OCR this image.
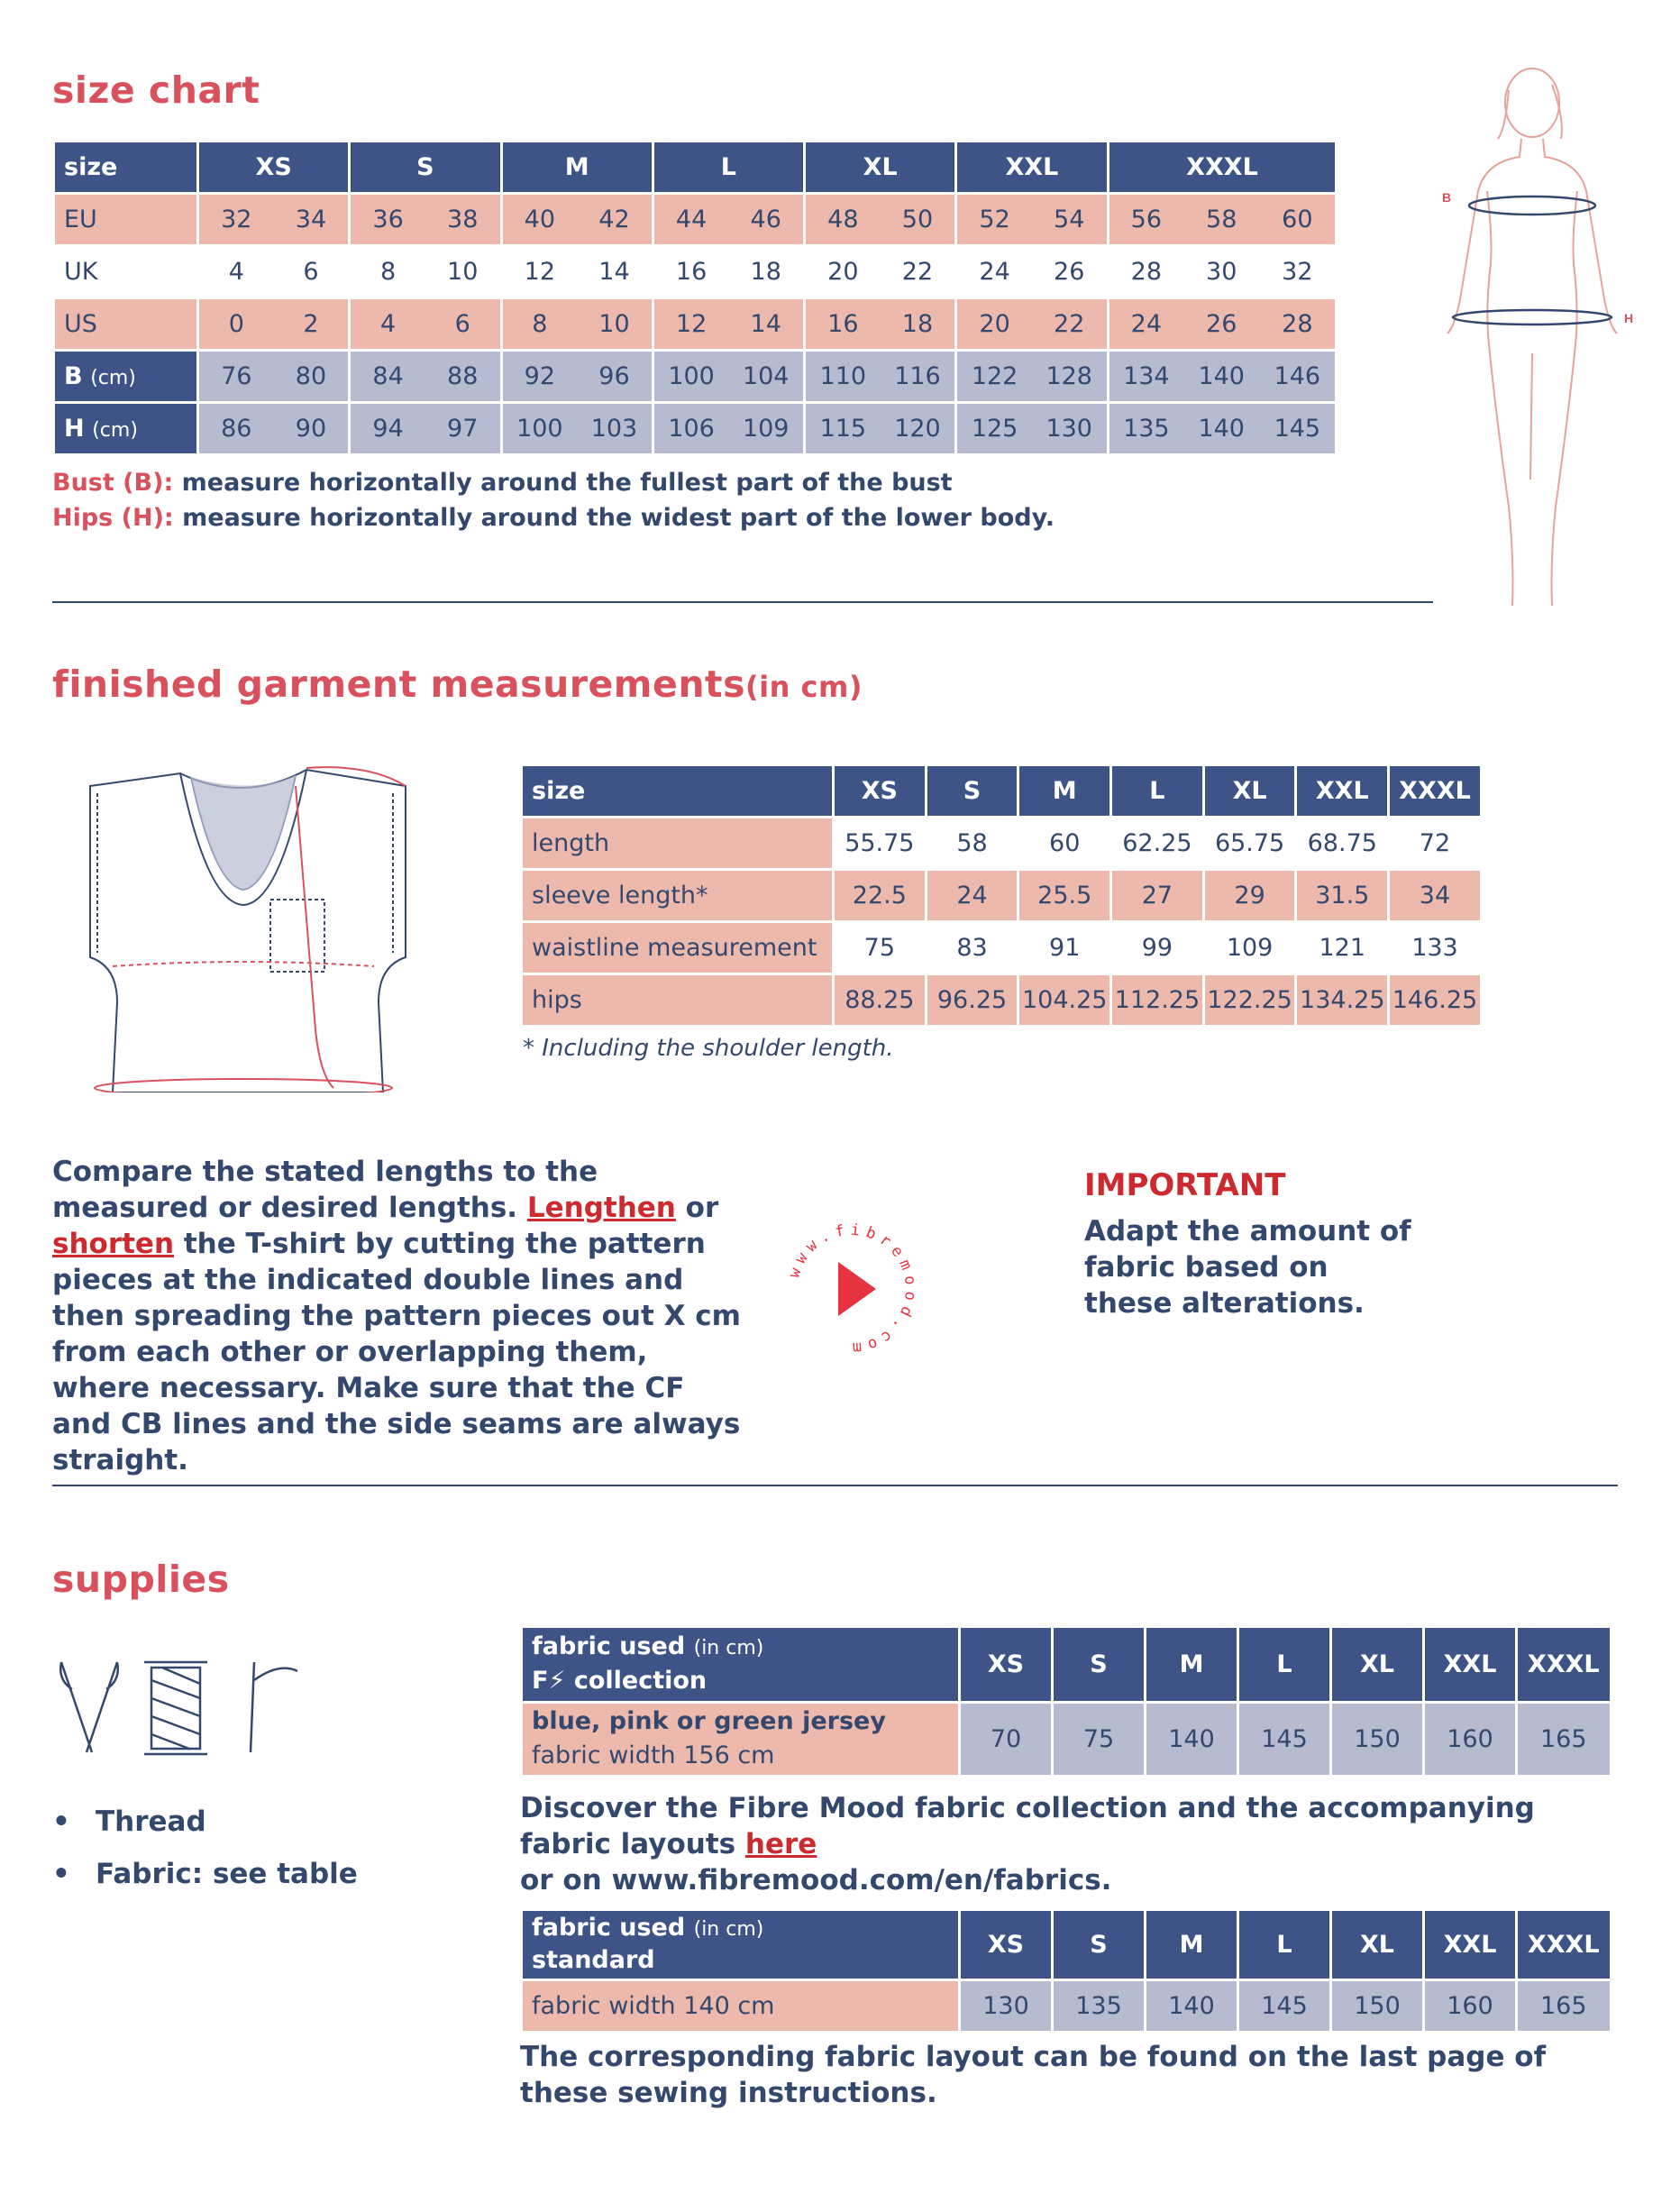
size chart
size	XS		S		M		L		XL		XXL		XXXL		
EU	32	34	36	38	40	42	44	46	48	50	52	54	56	58	60
UK	4	6	8	10	12	14	16	18	20	22	24	26	28	30	32
US	0	2	4	6	8	10	12	14	16	18	20	22	24	26	28
B (cm)	76	80	84	88	92	96	100	104	110	116	122	128	134	140	146
H (cm)	86	90	94	97	100	103	106	109	115	120	125	130	135	140	145
Bust (B): measure horizontally around the fullest part of the bust
Hips (H): measure horizontally around the widest part of the lower body.
B
H
finished garment measurements(in cm)
size	XS	S	M	L	XL	XXL	XXXL
length	55.75	58	60	62.25	65.75	68.75	72
sleeve length*	22.5	24	25.5	27	29	31.5	34
waistline measurement	75	83	91	99	109	121	133
hips	88.25	96.25	104.25	112.25	122.25	134.25	146.25
* Including the shoulder length.
Compare the stated lengths to the measured or desired lengths. Lengthen or shorten the T-shirt by cutting the pattern pieces at the indicated double lines and then spreading the pattern pieces out X cm from each other or overlapping them, where necessary. Make sure that the CF and CB lines and the side seams are always straight.
www.fibremood.com
IMPORTANT
Adapt the amount of fabric based on these alterations.
supplies
• Thread
• Fabric: see table
fabric used (in cm)
F⚡ collection	XS	S	M	L	XL	XXL	XXXL
blue, pink or green jersey
fabric width 156 cm	70	75	140	145	150	160	165
Discover the Fibre Mood fabric collection and the accompanying fabric layouts here
or on www.fibremood.com/en/fabrics.
fabric used (in cm)
standard	XS	S	M	L	XL	XXL	XXXL
fabric width 140 cm	130	135	140	145	150	160	165
The corresponding fabric layout can be found on the last page of these sewing instructions.
